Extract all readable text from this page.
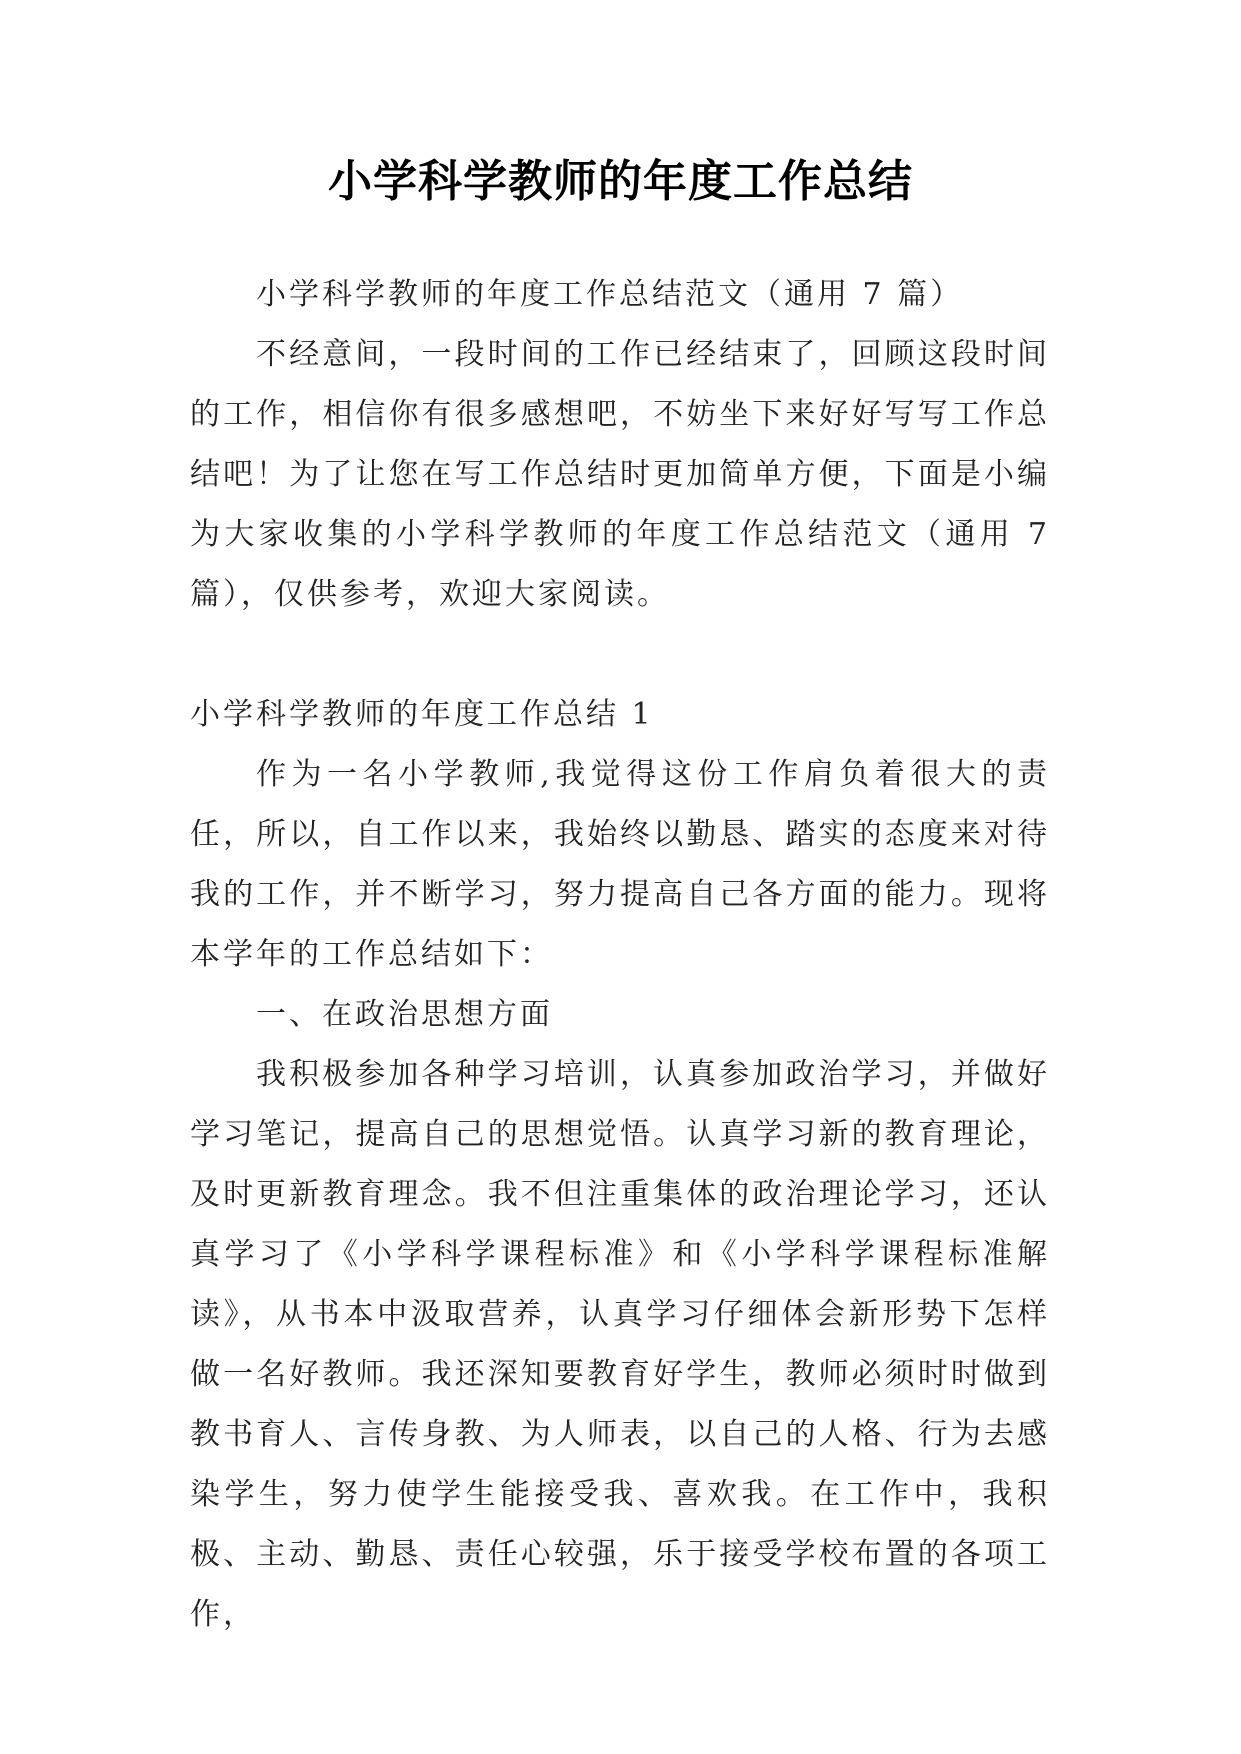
小学科学教师的年度工作总结

小学科学教师的年度工作总结范文（通用 7 篇）

不经意间，一段时间的工作已经结束了，回顾这段时间的工作，相信你有很多感想吧，不妨坐下来好好写写工作总结吧！为了让您在写工作总结时更加简单方便，下面是小编为大家收集的小学科学教师的年度工作总结范文（通用 7 篇），仅供参考，欢迎大家阅读。

小学科学教师的年度工作总结 1

作为一名小学教师,我觉得这份工作肩负着很大的责任，所以，自工作以来，我始终以勤恳、踏实的态度来对待我的工作，并不断学习，努力提高自己各方面的能力。现将本学年的工作总结如下：

一、在政治思想方面

我积极参加各种学习培训，认真参加政治学习，并做好学习笔记，提高自己的思想觉悟。认真学习新的教育理论，及时更新教育理念。我不但注重集体的政治理论学习，还认真学习了《小学科学课程标准》和《小学科学课程标准解读》，从书本中汲取营养，认真学习仔细体会新形势下怎样做一名好教师。我还深知要教育好学生，教师必须时时做到教书育人、言传身教、为人师表，以自己的人格、行为去感染学生，努力使学生能接受我、喜欢我。在工作中，我积极、主动、勤恳、责任心较强，乐于接受学校布置的各项工作，
